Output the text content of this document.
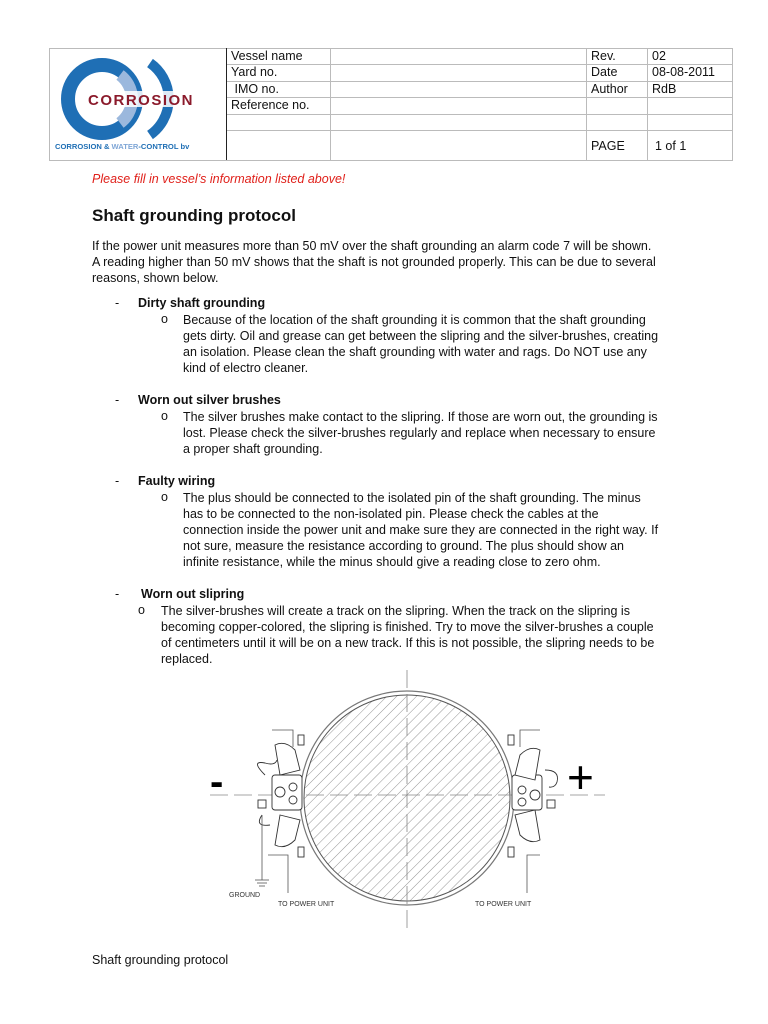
CORROSION
CORROSION & WATER-CONTROL bv	Vessel name		Rev.	02
	Yard no.		Date	08-08-2011
	IMO no.		Author	RdB
	Reference no.			

			PAGE	1 of 1
Please fill in vessel’s information listed above!
Shaft grounding protocol
If the power unit measures more than 50 mV over the shaft grounding an alarm code 7 will be shown.
A reading higher than 50 mV shows that the shaft is not grounded properly. This can be due to several
reasons, shown below.
- Dirty shaft grounding
o Because of the location of the shaft grounding it is common that the shaft grounding
gets dirty. Oil and grease can get between the slipring and the silver-brushes, creating
an isolation. Please clean the shaft grounding with water and rags. Do NOT use any
kind of electro cleaner.
- Worn out silver brushes
o The silver brushes make contact to the slipring. If those are worn out, the grounding is
lost. Please check the silver-brushes regularly and replace when necessary to ensure
a proper shaft grounding.
- Faulty wiring
o The plus should be connected to the isolated pin of the shaft grounding. The minus
has to be connected to the non-isolated pin. Please check the cables at the
connection inside the power unit and make sure they are connected in the right way. If
not sure, measure the resistance according to ground. The plus should show an
infinite resistance, while the minus should give a reading close to zero ohm.
- Worn out slipring
o The silver-brushes will create a track on the slipring. When the track on the slipring is
becoming copper-colored, the slipring is finished. Try to move the silver-brushes a couple
of centimeters until it will be on a new track. If this is not possible, the slipring needs to be
replaced.
-	+
GROUND
TO POWER UNIT	TO POWER UNIT
Shaft grounding protocol
